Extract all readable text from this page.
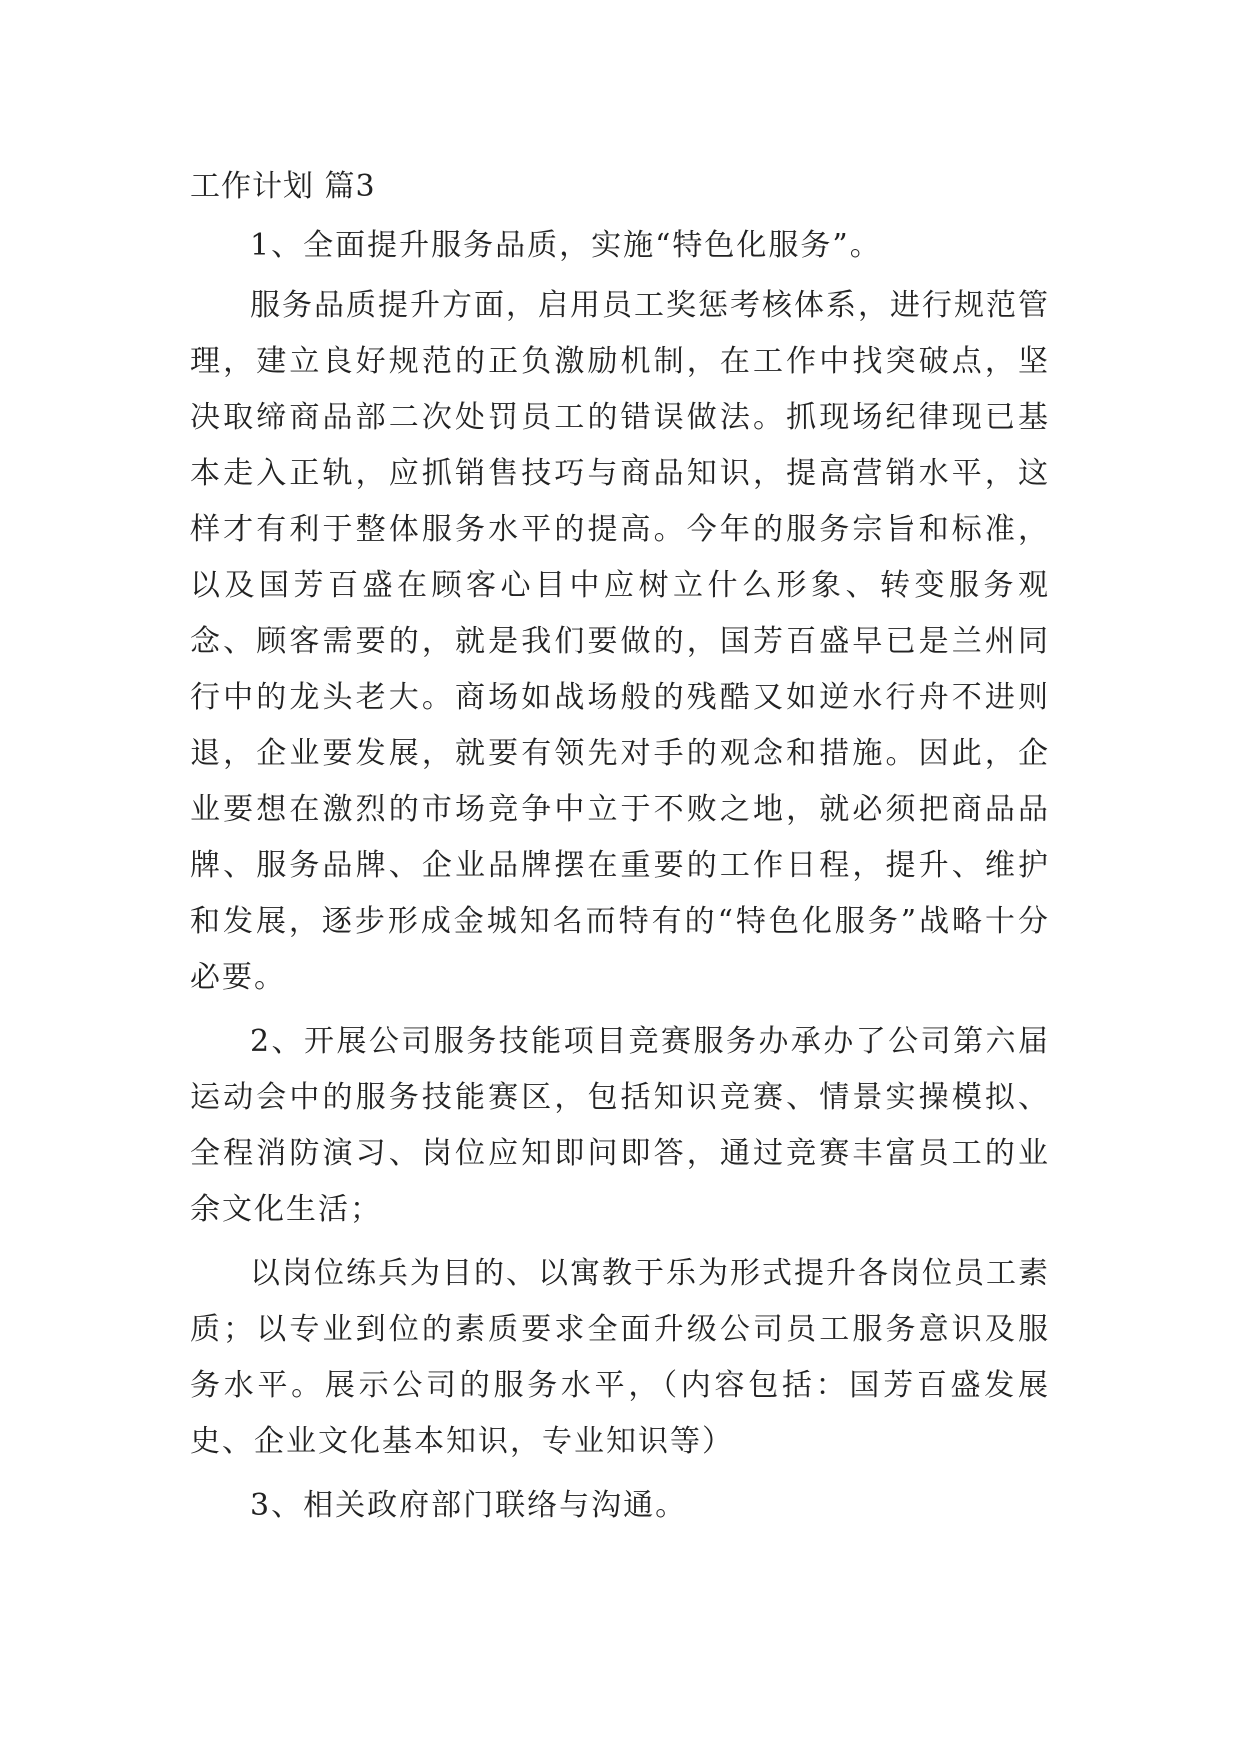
工作计划 篇3

1、全面提升服务品质，实施“特色化服务”。

服务品质提升方面，启用员工奖惩考核体系，进行规范管理，建立良好规范的正负激励机制，在工作中找突破点，坚决取缔商品部二次处罚员工的错误做法。抓现场纪律现已基本走入正轨，应抓销售技巧与商品知识，提高营销水平，这样才有利于整体服务水平的提高。今年的服务宗旨和标准，以及国芳百盛在顾客心目中应树立什么形象、转变服务观念、顾客需要的，就是我们要做的，国芳百盛早已是兰州同行中的龙头老大。商场如战场般的残酷又如逆水行舟不进则退，企业要发展，就要有领先对手的观念和措施。因此，企业要想在激烈的市场竞争中立于不败之地，就必须把商品品牌、服务品牌、企业品牌摆在重要的工作日程，提升、维护和发展，逐步形成金城知名而特有的“特色化服务”战略十分必要。

2、开展公司服务技能项目竞赛服务办承办了公司第六届运动会中的服务技能赛区，包括知识竞赛、情景实操模拟、全程消防演习、岗位应知即问即答，通过竞赛丰富员工的业余文化生活；

以岗位练兵为目的、以寓教于乐为形式提升各岗位员工素质；以专业到位的素质要求全面升级公司员工服务意识及服务水平。展示公司的服务水平，（内容包括：国芳百盛发展史、企业文化基本知识，专业知识等）

3、相关政府部门联络与沟通。
